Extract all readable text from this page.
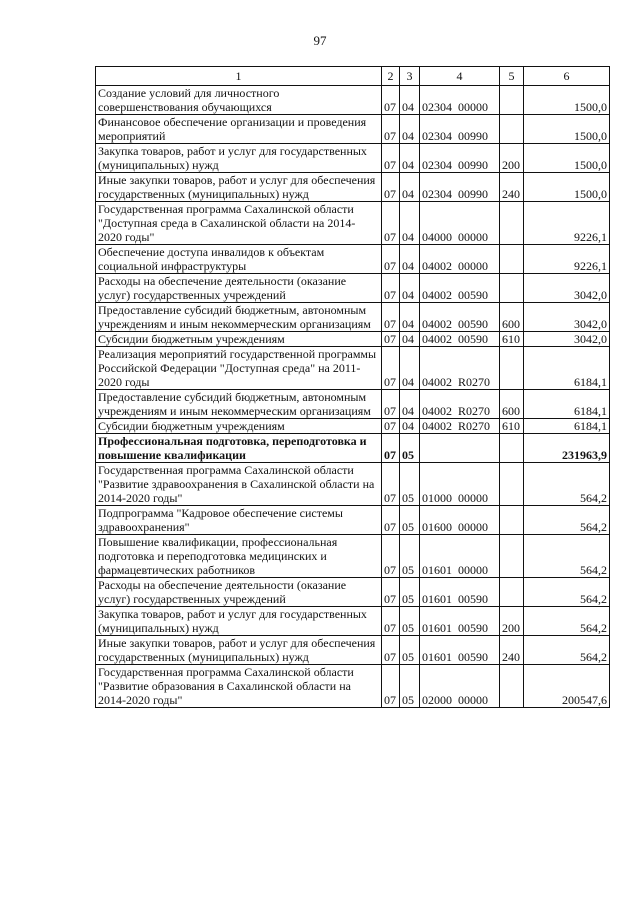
97
1	2	3	4	5	6
Создание условий для личностного совершенствования обучающихся	07	04	02304  00000		1500,0
Финансовое обеспечение организации и проведения мероприятий	07	04	02304  00990		1500,0
Закупка товаров, работ и услуг для государственных (муниципальных) нужд	07	04	02304  00990	200	1500,0
Иные закупки товаров, работ и услуг для обеспечения государственных (муниципальных) нужд	07	04	02304  00990	240	1500,0
Государственная программа Сахалинской области "Доступная среда в Сахалинской области на 2014-2020 годы"	07	04	04000  00000		9226,1
Обеспечение доступа инвалидов к объектам социальной инфраструктуры	07	04	04002  00000		9226,1
Расходы на обеспечение деятельности (оказание услуг) государственных учреждений	07	04	04002  00590		3042,0
Предоставление субсидий бюджетным, автономным учреждениям и иным некоммерческим организациям	07	04	04002  00590	600	3042,0
Субсидии бюджетным учреждениям	07	04	04002  00590	610	3042,0
Реализация мероприятий государственной программы Российской Федерации "Доступная среда" на 2011-2020 годы	07	04	04002  R0270		6184,1
Предоставление субсидий бюджетным, автономным учреждениям и иным некоммерческим организациям	07	04	04002  R0270	600	6184,1
Субсидии бюджетным учреждениям	07	04	04002  R0270	610	6184,1
Профессиональная подготовка, переподготовка и повышение квалификации	07	05			231963,9
Государственная программа Сахалинской области "Развитие здравоохранения в Сахалинской области на 2014-2020 годы"	07	05	01000  00000		564,2
Подпрограмма "Кадровое обеспечение системы здравоохранения"	07	05	01600  00000		564,2
Повышение квалификации, профессиональная подготовка и переподготовка медицинских и фармацевтических работников	07	05	01601  00000		564,2
Расходы на обеспечение деятельности (оказание услуг) государственных учреждений	07	05	01601  00590		564,2
Закупка товаров, работ и услуг для государственных (муниципальных) нужд	07	05	01601  00590	200	564,2
Иные закупки товаров, работ и услуг для обеспечения государственных (муниципальных) нужд	07	05	01601  00590	240	564,2
Государственная программа Сахалинской области "Развитие образования в Сахалинской области на 2014-2020 годы"	07	05	02000  00000		200547,6
